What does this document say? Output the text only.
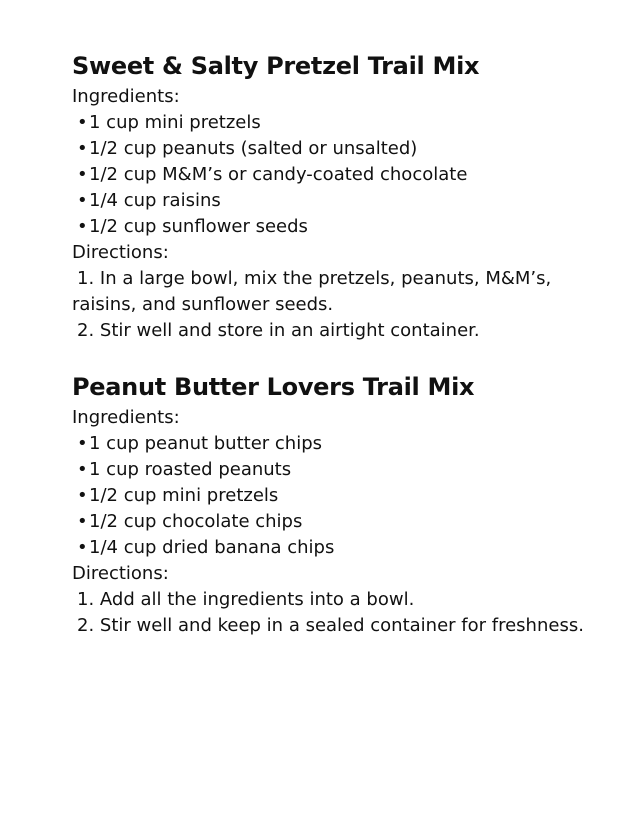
Sweet & Salty Pretzel Trail Mix

Ingredients:

•1 cup mini pretzels
•1/2 cup peanuts (salted or unsalted)
•1/2 cup M&M’s or candy-coated chocolate
•1/4 cup raisins
•1/2 cup sunflower seeds

Directions:

1. In a large bowl, mix the pretzels, peanuts, M&M’s, raisins, and sunflower seeds.

2. Stir well and store in an airtight container.

Peanut Butter Lovers Trail Mix

Ingredients:

•1 cup peanut butter chips
•1 cup roasted peanuts
•1/2 cup mini pretzels
•1/2 cup chocolate chips
•1/4 cup dried banana chips

Directions:

1. Add all the ingredients into a bowl.

2. Stir well and keep in a sealed container for freshness.
